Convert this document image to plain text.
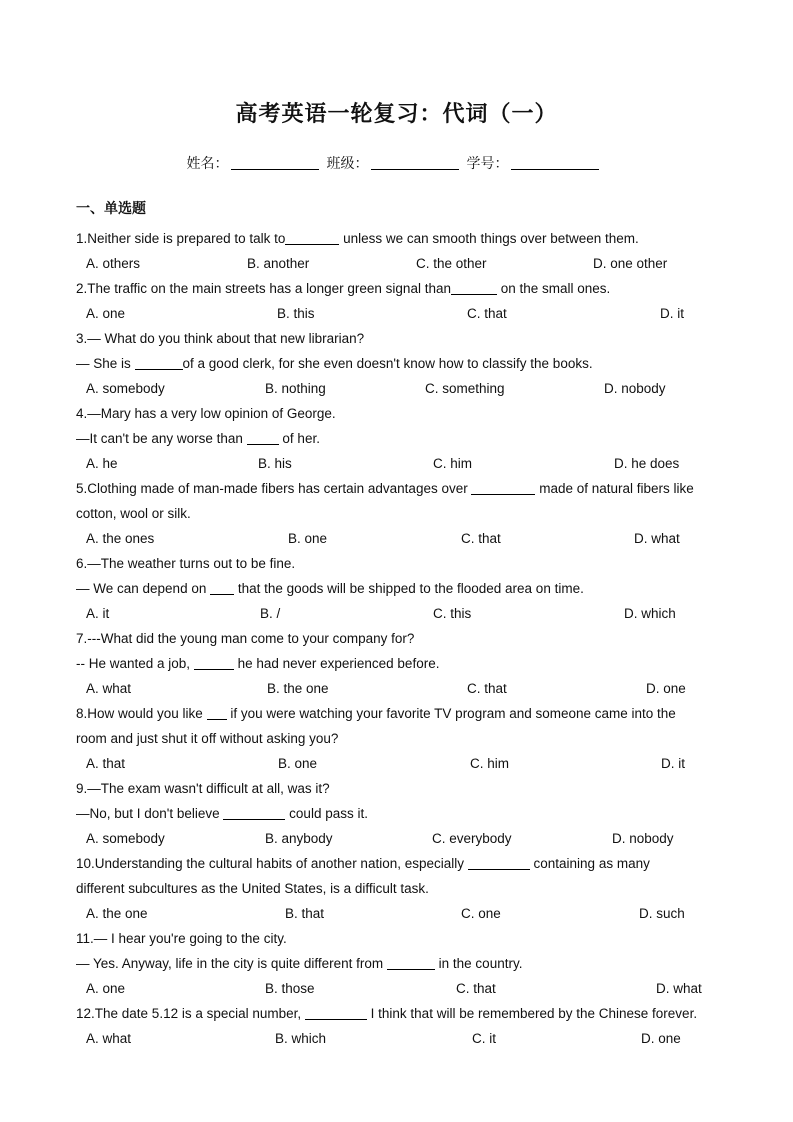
高考英语一轮复习：代词（一）
姓名：	班级：	学号：
一、单选题
1.Neither side is prepared to talk to	unless we can smooth things over between them.
A. others	B. another	C. the other	D. one other
2.The traffic on the main streets has a longer green signal than	on the small ones.
A. one	B. this	C. that	D. it
3.— What do you think about that new librarian?
— She is	of a good clerk, for she even doesn't know how to classify the books.
A. somebody	B. nothing	C. something	D. nobody
4.—Mary has a very low opinion of George.
—It can't be any worse than  of her.
A. he	B. his	C. him	D. he does
5.Clothing made of man-made fibers has certain advantages over	made of natural fibers like
cotton, wool or silk.
A. the ones	B. one	C. that	D. what
6.—The weather turns out to be fine.
— We can depend on  that the goods will be shipped to the flooded area on time.
A. it	B. /	C. this	D. which
7.---What did the young man come to your company for?
-- He wanted a job,	he had never experienced before.
A. what	B. the one	C. that	D. one
8.How would you like  if you were watching your favorite TV program and someone came into the
room and just shut it off without asking you?
A. that	B. one	C. him	D. it
9.—The exam wasn't difficult at all, was it?
—No, but I don't believe	could pass it.
A. somebody	B. anybody	C. everybody	D. nobody
10.Understanding the cultural habits of another nation, especially	containing as many
different subcultures as the United States, is a difficult task.
A. the one	B. that	C. one	D. such
11.— I hear you're going to the city.
— Yes. Anyway, life in the city is quite different from	in the country.
A. one	B. those	C. that	D. what
12.The date 5.12 is a special number,	I think that will be remembered by the Chinese forever.
A. what	B. which	C. it	D. one
